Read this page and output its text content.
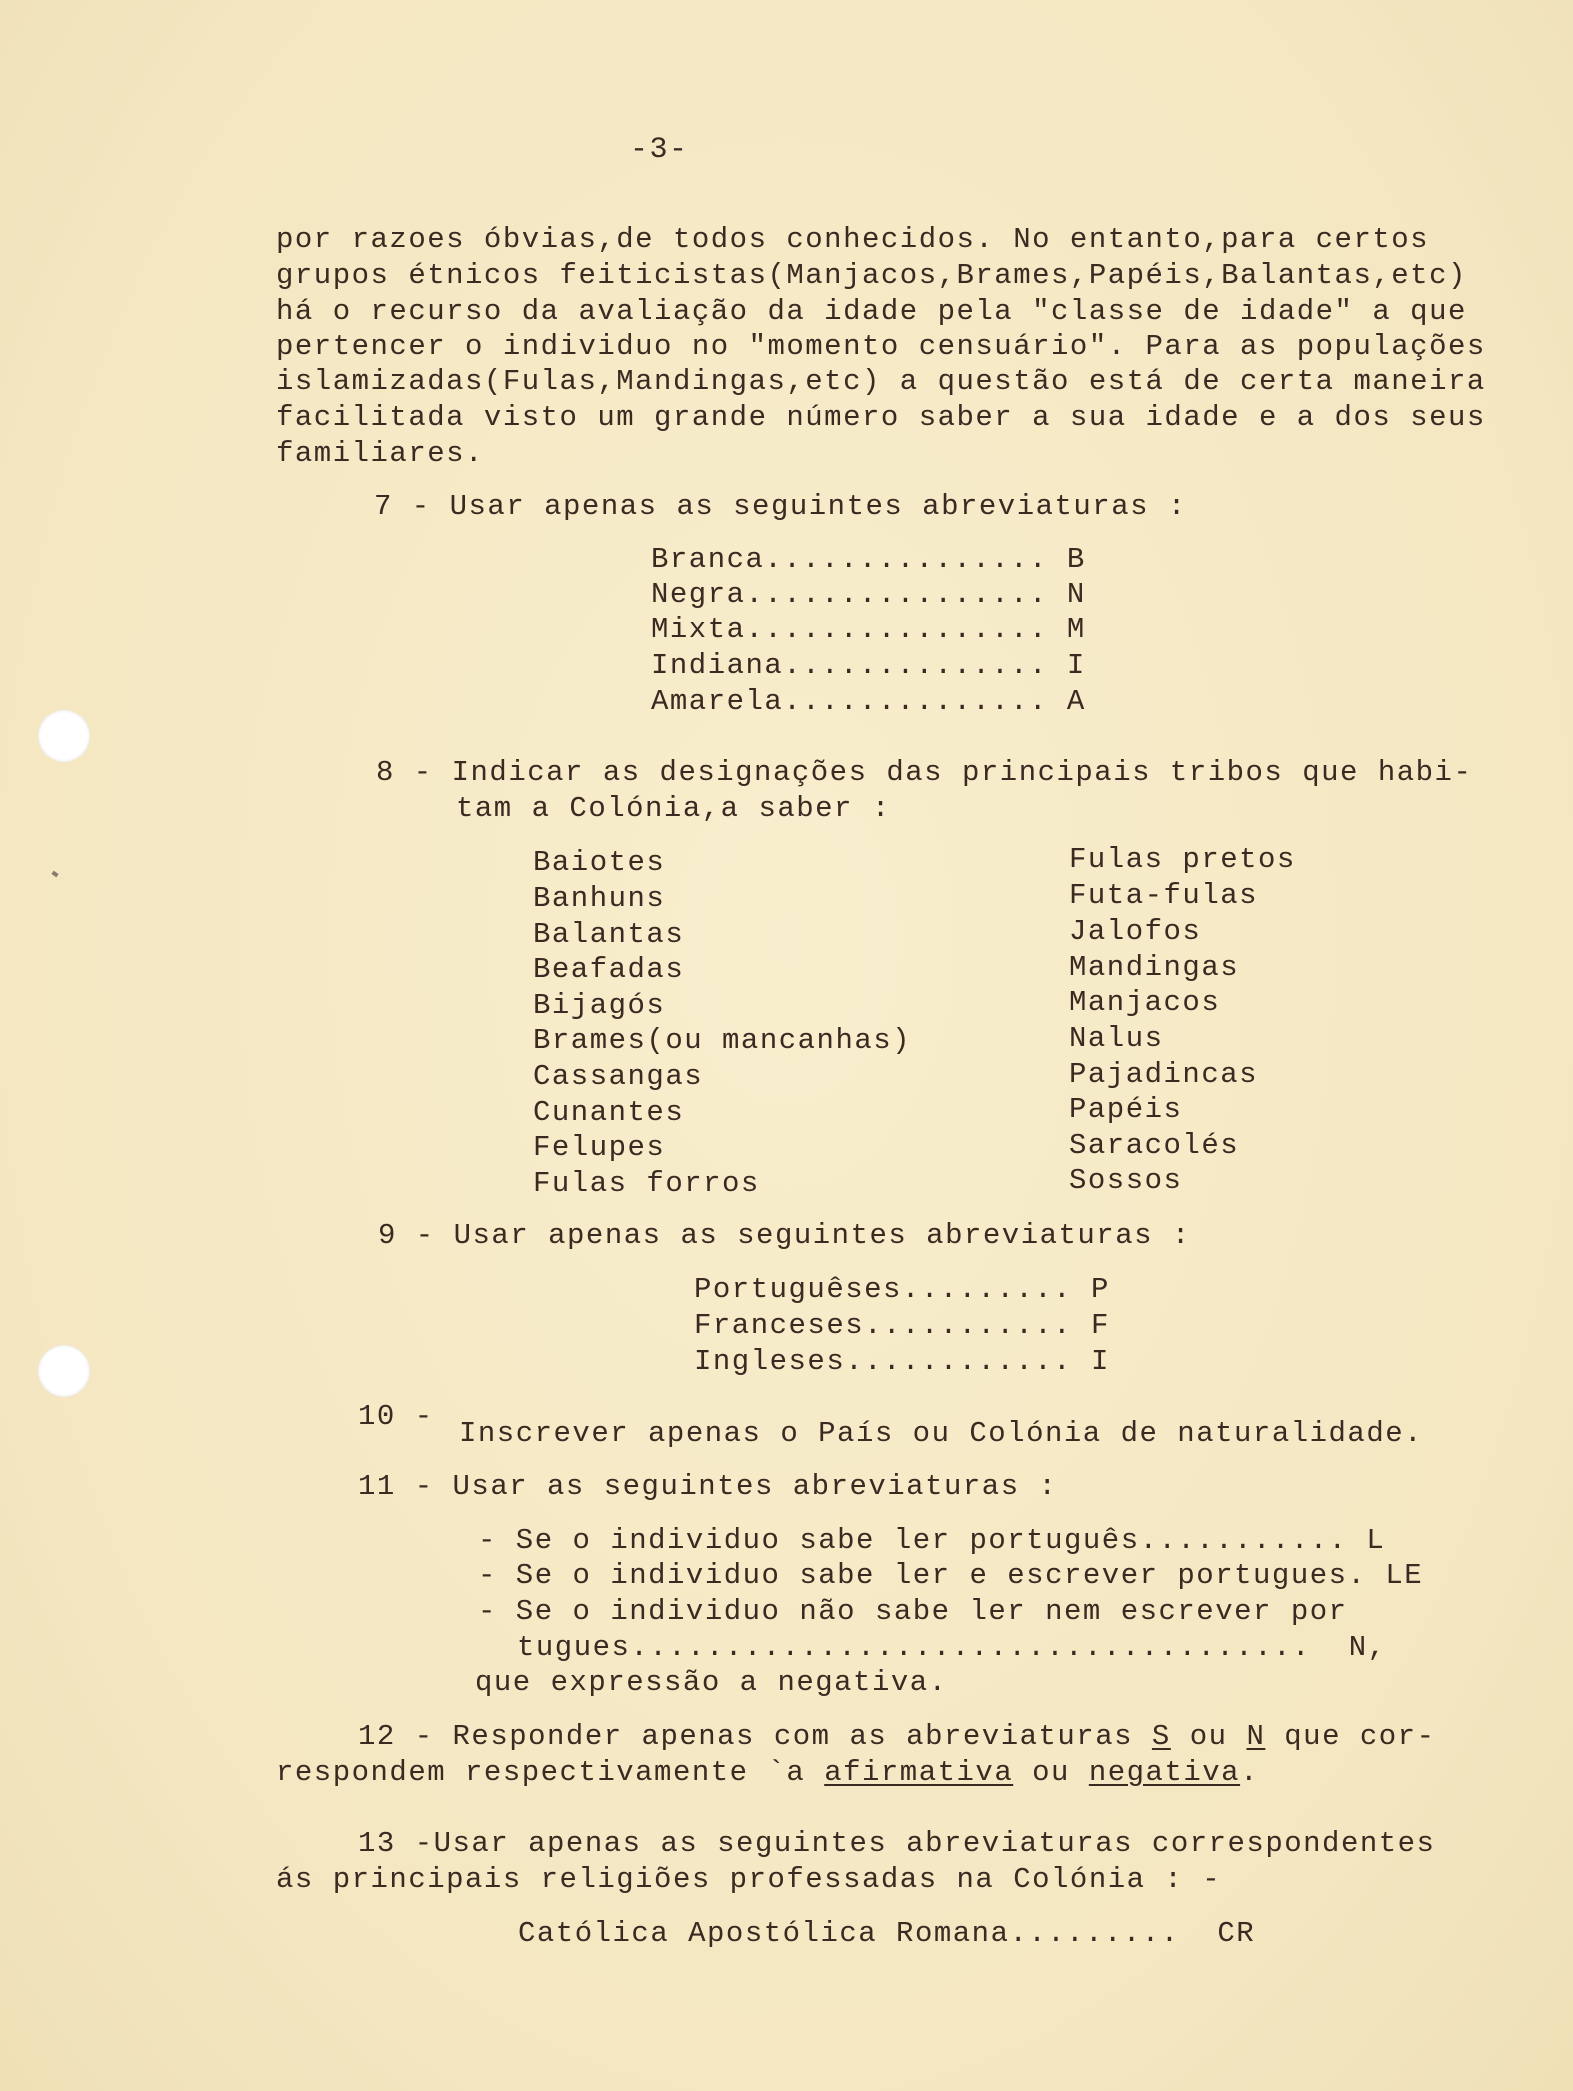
-3-
por razoes óbvias,de todos conhecidos. No entanto,para certos
grupos étnicos feiticistas(Manjacos,Brames,Papéis,Balantas,etc)
há o recurso da avaliação da idade pela "classe de idade" a que
pertencer o individuo no "momento censuário". Para as populações
islamizadas(Fulas,Mandingas,etc) a questão está de certa maneira
facilitada visto um grande número saber a sua idade e a dos seus
familiares.
7 - Usar apenas as seguintes abreviaturas :
Branca............... B
Negra................ N
Mixta................ M
Indiana.............. I
Amarela.............. A
8 - Indicar as designações das principais tribos que habi-
tam a Colónia,a saber :
Baiotes
Banhuns
Balantas
Beafadas
Bijagós
Brames(ou mancanhas)
Cassangas
Cunantes
Felupes
Fulas forros
Fulas pretos
Futa-fulas
Jalofos
Mandingas
Manjacos
Nalus
Pajadincas
Papéis
Saracolés
Sossos
9 - Usar apenas as seguintes abreviaturas :
Portuguêses......... P
Franceses........... F
Ingleses............ I
10 -
Inscrever apenas o País ou Colónia de naturalidade.
11 - Usar as seguintes abreviaturas :
- Se o individuo sabe ler português........... L
- Se o individuo sabe ler e escrever portugues. LE
- Se o individuo não sabe ler nem escrever por
tugues....................................  N,
que expressão a negativa.
12 - Responder apenas com as abreviaturas S ou N que cor-
respondem respectivamente `a afirmativa ou negativa.
13 -Usar apenas as seguintes abreviaturas correspondentes
ás principais religiões professadas na Colónia : -
Católica Apostólica Romana.........  CR
